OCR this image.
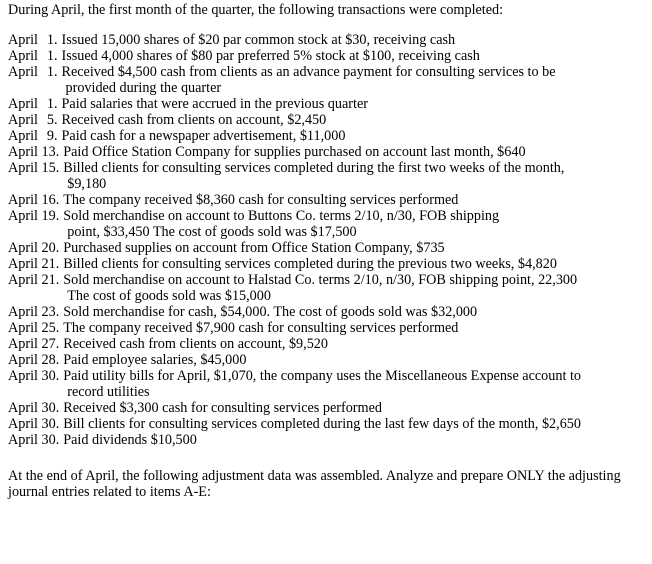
During April, the first month of the quarter, the following transactions were completed:
April 1. Issued 15,000 shares of $20 par common stock at $30, receiving cash
April 1. Issued 4,000 shares of $80 par preferred 5% stock at $100, receiving cash
April 1. Received $4,500 cash from clients as an advance payment for consulting services to be
provided during the quarter
April 1. Paid salaries that were accrued in the previous quarter
April 5. Received cash from clients on account, $2,450
April 9. Paid cash for a newspaper advertisement, $11,000
April 13. Paid Office Station Company for supplies purchased on account last month, $640
April 15. Billed clients for consulting services completed during the first two weeks of the month,
$9,180
April 16. The company received $8,360 cash for consulting services performed
April 19. Sold merchandise on account to Buttons Co. terms 2/10, n/30, FOB shipping
point, $33,450 The cost of goods sold was $17,500
April 20. Purchased supplies on account from Office Station Company, $735
April 21. Billed clients for consulting services completed during the previous two weeks, $4,820
April 21. Sold merchandise on account to Halstad Co. terms 2/10, n/30, FOB shipping point, 22,300
The cost of goods sold was $15,000
April 23. Sold merchandise for cash, $54,000. The cost of goods sold was $32,000
April 25. The company received $7,900 cash for consulting services performed
April 27. Received cash from clients on account, $9,520
April 28. Paid employee salaries, $45,000
April 30. Paid utility bills for April, $1,070, the company uses the Miscellaneous Expense account to
record utilities
April 30. Received $3,300 cash for consulting services performed
April 30. Bill clients for consulting services completed during the last few days of the month, $2,650
April 30. Paid dividends $10,500
At the end of April, the following adjustment data was assembled. Analyze and prepare ONLY the adjusting journal entries related to items A-E:
